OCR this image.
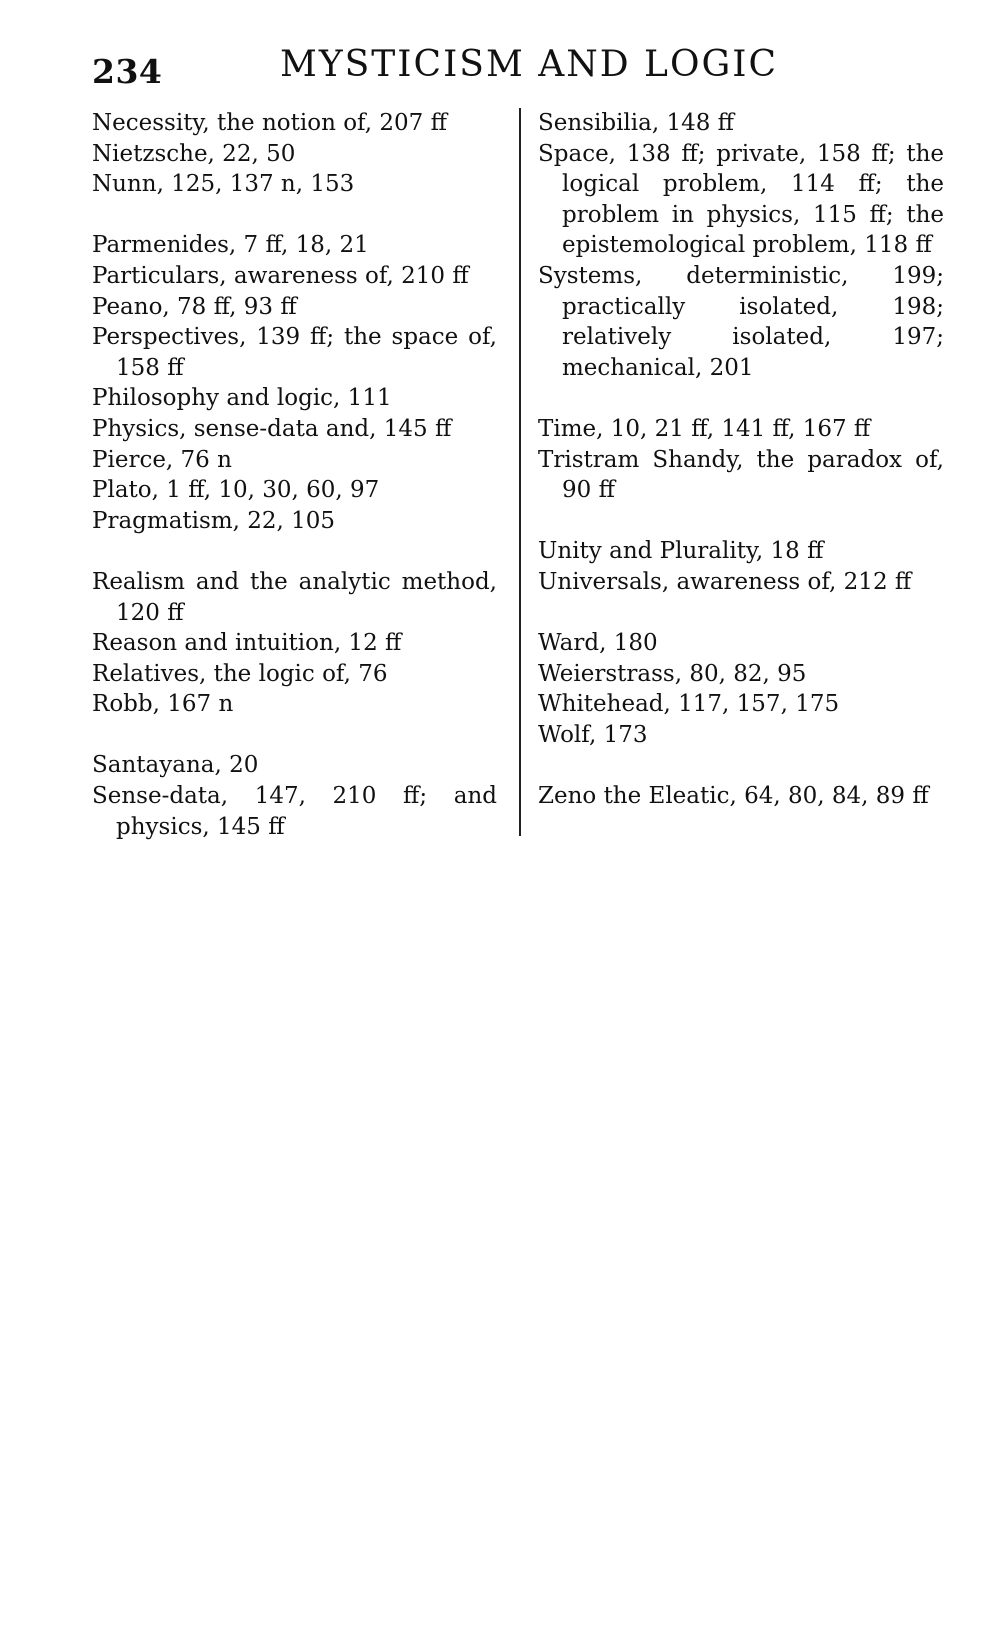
234	MYSTICISM AND LOGIC

Necessity, the notion of, 207 ff

Nietzsche, 22, 50

Nunn, 125, 137 n, 153

Parmenides, 7 ff, 18, 21

Particulars, awareness of, 210 ff

Peano, 78 ff, 93 ff

Perspectives, 139 ff; the space of, 158 ff

Philosophy and logic, 111

Physics, sense-data and, 145 ff

Pierce, 76 n

Plato, 1 ff, 10, 30, 60, 97

Pragmatism, 22, 105

Realism and the analytic method, 120 ff

Reason and intuition, 12 ff

Relatives, the logic of, 76

Robb, 167 n

Santayana, 20

Sense-data, 147, 210 ff; and physics, 145 ff

Sensibilia, 148 ff

Space, 138 ff; private, 158 ff; the logical problem, 114 ff; the problem in physics, 115 ff; the epistemological problem, 118 ff

Systems, deterministic, 199; practically isolated, 198; relatively isolated, 197; mechanical, 201

Time, 10, 21 ff, 141 ff, 167 ff

Tristram Shandy, the paradox of, 90 ff

Unity and Plurality, 18 ff

Universals, awareness of, 212 ff

Ward, 180

Weierstrass, 80, 82, 95

Whitehead, 117, 157, 175

Wolf, 173

Zeno the Eleatic, 64, 80, 84, 89 ff
